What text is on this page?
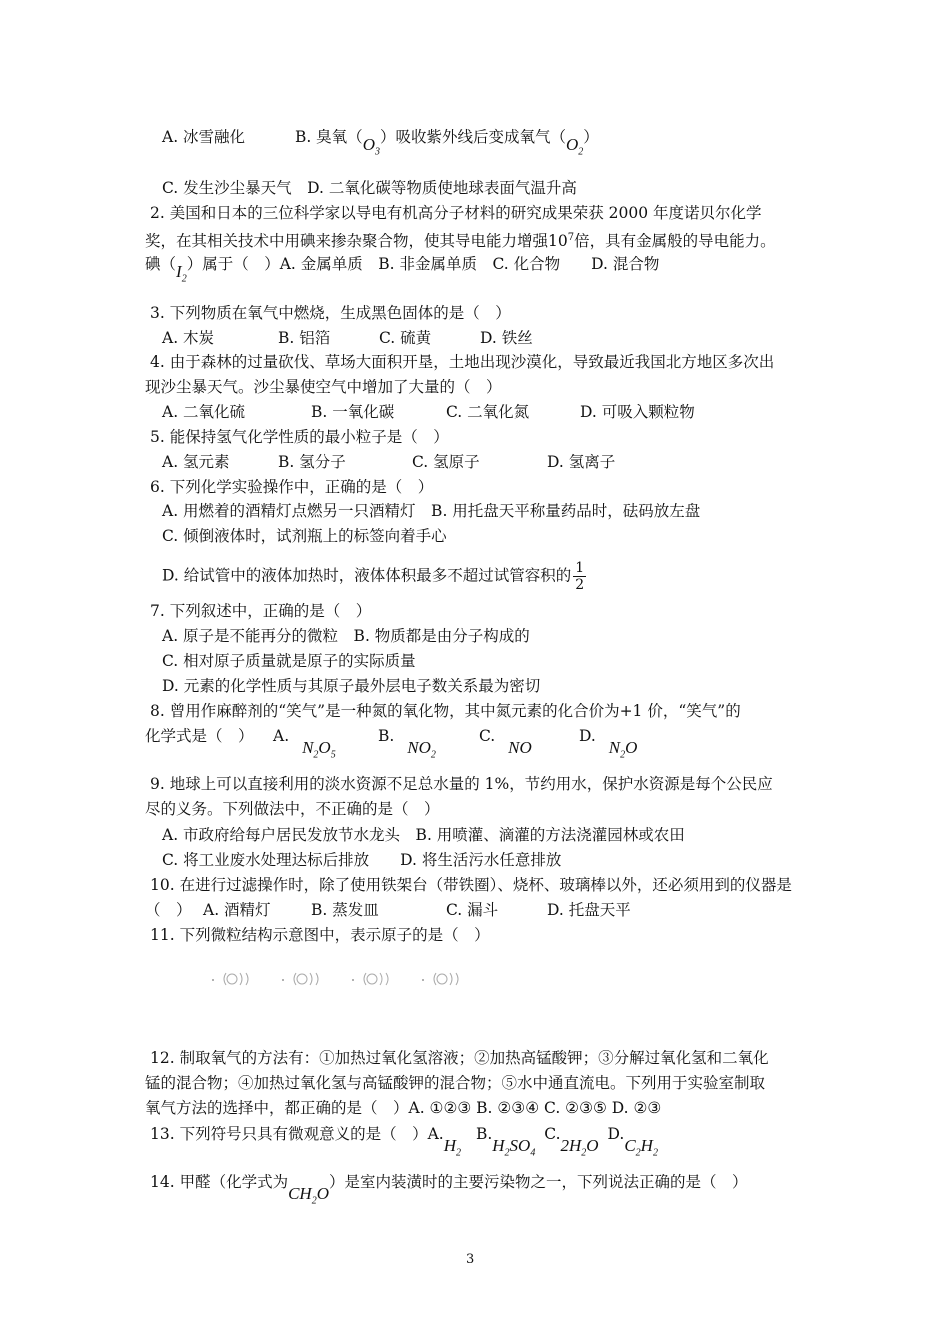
A. 冰雪融化	B. 臭氧$(O_3)$吸收紫外线后变成氧气$(O_2)$
C. 发生沙尘暴天气　D. 二氧化碳等物质使地球表面气温升高
2. 美国和日本的三位科学家以导电有机高分子材料的研究成果荣获 2000 年度诺贝尔化学
奖，在其相关技术中用碘来掺杂聚合物，使其导电能力增强$10^7$倍，具有金属般的导电能力。
碘$(I_2)$属于（　）A. 金属单质　B. 非金属单质　C. 化合物　　D. 混合物
3. 下列物质在氧气中燃烧，生成黑色固体的是（　）
A. 木炭	B. 铝箔	C. 硫黄	D. 铁丝
4. 由于森林的过量砍伐、草场大面积开垦，土地出现沙漠化，导致最近我国北方地区多次出
现沙尘暴天气。沙尘暴使空气中增加了大量的（　）
A. 二氧化硫	B. 一氧化碳	C. 二氧化氮	D. 可吸入颗粒物
5. 能保持氢气化学性质的最小粒子是（　）
A. 氢元素	B. 氢分子	C. 氢原子	D. 氢离子
6. 下列化学实验操作中，正确的是（　）
A. 用燃着的酒精灯点燃另一只酒精灯　B. 用托盘天平称量药品时，砝码放左盘
C. 倾倒液体时，试剂瓶上的标签向着手心
D. 给试管中的液体加热时，液体体积最多不超过试管容积的 $\frac{1}{2}$
7. 下列叙述中，正确的是（　）
A. 原子是不能再分的微粒　B. 物质都是由分子构成的
C. 相对原子质量就是原子的实际质量
D. 元素的化学性质与其原子最外层电子数关系最为密切
8. 曾用作麻醉剂的“笑气”是一种氮的氧化物，其中氮元素的化合价为+1 价，“笑气”的
化学式是（　） A. $N_2O_5$
B. $NO_2$
C. NO
D. $N_2O$
9. 地球上可以直接利用的淡水资源不足总水量的 1%，节约用水，保护水资源是每个公民应
尽的义务。下列做法中，不正确的是（　）
A. 市政府给每户居民发放节水龙头　B. 用喷灌、滴灌的方法浇灌园林或农田
C. 将工业废水处理达标后排放　　D. 将生活污水任意排放
10. 在进行过滤操作时，除了使用铁架台（带铁圈）、烧杯、玻璃棒以外，还必须用到的仪器是
（　） A. 酒精灯	B. 蒸发皿	C. 漏斗	D. 托盘天平
11. 下列微粒结构示意图中，表示原子的是（　）
12. 制取氧气的方法有：①加热过氧化氢溶液；②加热高锰酸钾；③分解过氧化氢和二氧化
锰的混合物；④加热过氧化氢与高锰酸钾的混合物；⑤水中通直流电。下列用于实验室制取
氧气方法的选择中，都正确的是（　）A. ①②③ B. ②③④ C. ②③⑤ D. ②③
13. 下列符号只具有微观意义的是（　）$A.H_2$ $B.H_2SO_4$ $C.2H_2O$ $D.C_2H_2$
14. 甲醛（化学式为$CH_2O$）是室内装潢时的主要污染物之一，下列说法正确的是（　）
3
